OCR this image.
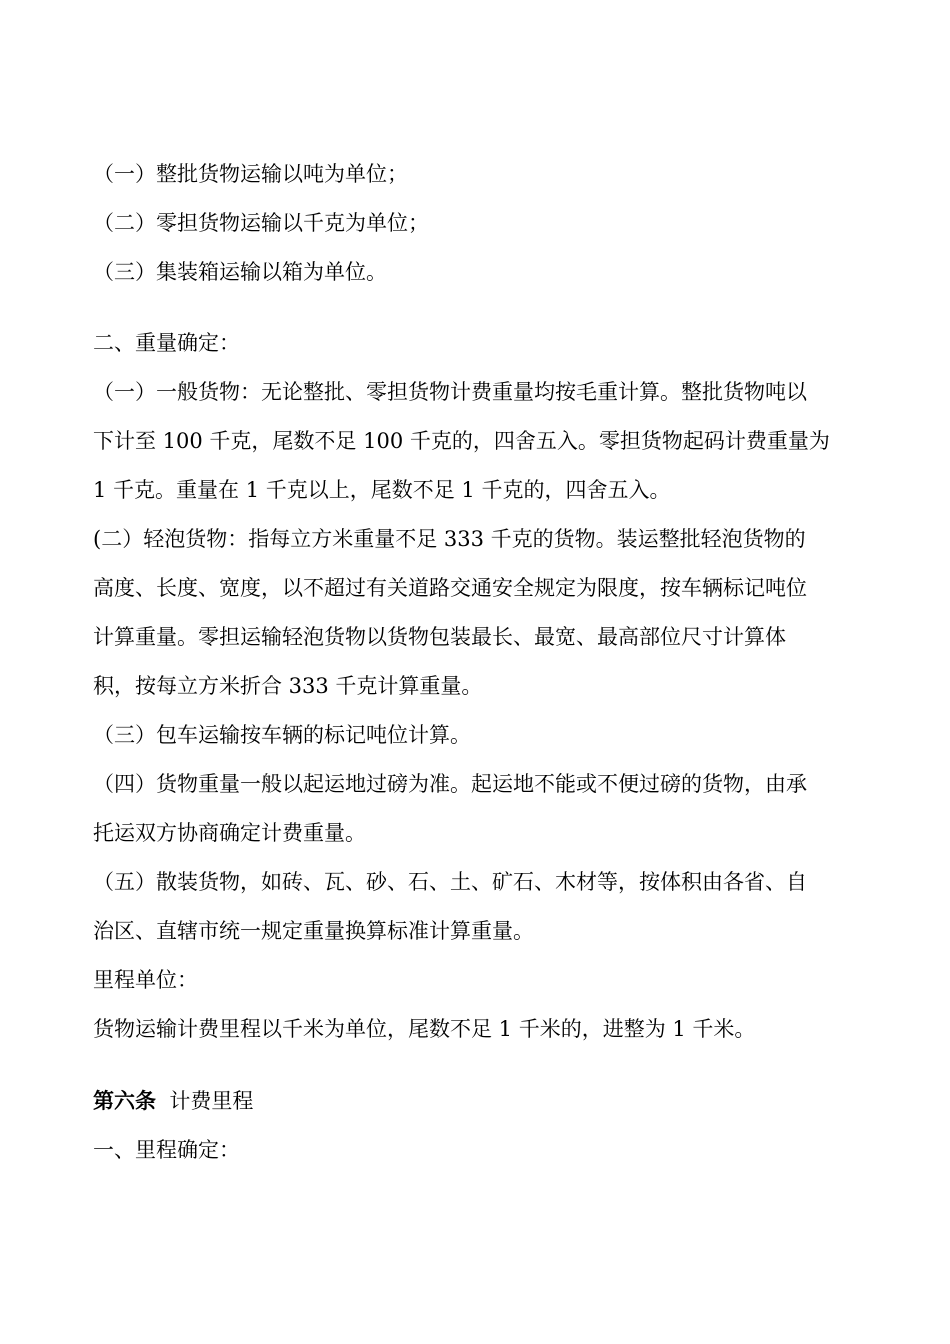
（一）整批货物运输以吨为单位；

（二）零担货物运输以千克为单位；

（三）集装箱运输以箱为单位。

二、重量确定：

（一）一般货物：无论整批、零担货物计费重量均按毛重计算。整批货物吨以

下计至 100 千克，尾数不足 100 千克的，四舍五入。零担货物起码计费重量为

1 千克。重量在 1 千克以上，尾数不足 1 千克的，四舍五入。

(二）轻泡货物：指每立方米重量不足 333 千克的货物。装运整批轻泡货物的

高度、长度、宽度，以不超过有关道路交通安全规定为限度，按车辆标记吨位

计算重量。零担运输轻泡货物以货物包装最长、最宽、最高部位尺寸计算体

积，按每立方米折合 333 千克计算重量。

（三）包车运输按车辆的标记吨位计算。

（四）货物重量一般以起运地过磅为准。起运地不能或不便过磅的货物，由承

托运双方协商确定计费重量。

（五）散装货物，如砖、瓦、砂、石、土、矿石、木材等，按体积由各省、自

治区、直辖市统一规定重量换算标准计算重量。

里程单位：

货物运输计费里程以千米为单位，尾数不足 1 千米的，进整为 1 千米。

第六条 计费里程

一、里程确定：
